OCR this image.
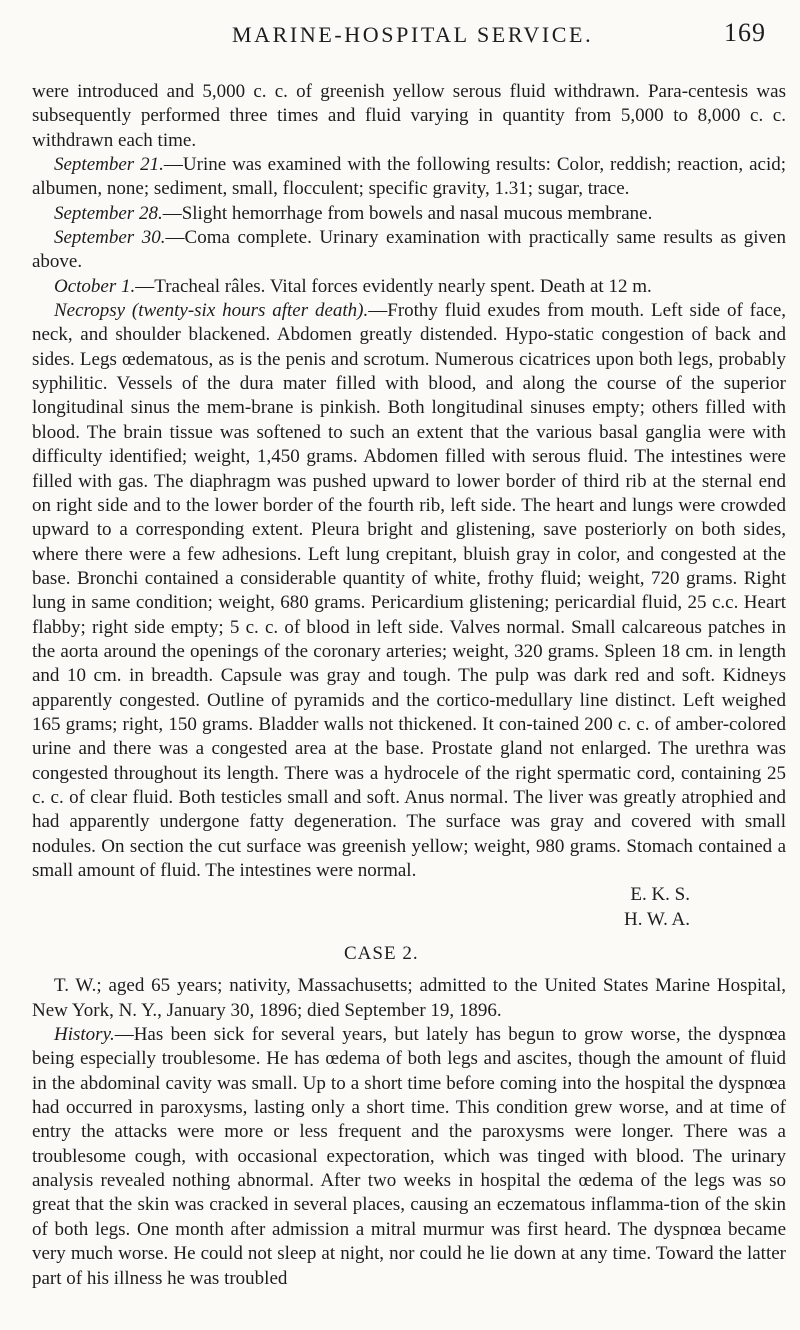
MARINE-HOSPITAL SERVICE.	169

were introduced and 5,000 c. c. of greenish yellow serous fluid withdrawn. Para-centesis was subsequently performed three times and fluid varying in quantity from 5,000 to 8,000 c. c. withdrawn each time.

September 21.—Urine was examined with the following results: Color, reddish; reaction, acid; albumen, none; sediment, small, flocculent; specific gravity, 1.31; sugar, trace.

September 28.—Slight hemorrhage from bowels and nasal mucous membrane.

September 30.—Coma complete. Urinary examination with practically same results as given above.

October 1.—Tracheal râles. Vital forces evidently nearly spent. Death at 12 m.

Necropsy (twenty-six hours after death).—Frothy fluid exudes from mouth. Left side of face, neck, and shoulder blackened. Abdomen greatly distended. Hypo-static congestion of back and sides. Legs œdematous, as is the penis and scrotum. Numerous cicatrices upon both legs, probably syphilitic. Vessels of the dura mater filled with blood, and along the course of the superior longitudinal sinus the mem-brane is pinkish. Both longitudinal sinuses empty; others filled with blood. The brain tissue was softened to such an extent that the various basal ganglia were with difficulty identified; weight, 1,450 grams. Abdomen filled with serous fluid. The intestines were filled with gas. The diaphragm was pushed upward to lower border of third rib at the sternal end on right side and to the lower border of the fourth rib, left side. The heart and lungs were crowded upward to a corresponding extent. Pleura bright and glistening, save posteriorly on both sides, where there were a few adhesions. Left lung crepitant, bluish gray in color, and congested at the base. Bronchi contained a considerable quantity of white, frothy fluid; weight, 720 grams. Right lung in same condition; weight, 680 grams. Pericardium glistening; pericardial fluid, 25 c.c. Heart flabby; right side empty; 5 c. c. of blood in left side. Valves normal. Small calcareous patches in the aorta around the openings of the coronary arteries; weight, 320 grams. Spleen 18 cm. in length and 10 cm. in breadth. Capsule was gray and tough. The pulp was dark red and soft. Kidneys apparently congested. Outline of pyramids and the cortico-medullary line distinct. Left weighed 165 grams; right, 150 grams. Bladder walls not thickened. It con-tained 200 c. c. of amber-colored urine and there was a congested area at the base. Prostate gland not enlarged. The urethra was congested throughout its length. There was a hydrocele of the right spermatic cord, containing 25 c. c. of clear fluid. Both testicles small and soft. Anus normal. The liver was greatly atrophied and had apparently undergone fatty degeneration. The surface was gray and covered with small nodules. On section the cut surface was greenish yellow; weight, 980 grams. Stomach contained a small amount of fluid. The intestines were normal.

E. K. S.
H. W. A.
CASE 2.

T. W.; aged 65 years; nativity, Massachusetts; admitted to the United States Marine Hospital, New York, N. Y., January 30, 1896; died September 19, 1896.

History.—Has been sick for several years, but lately has begun to grow worse, the dyspnœa being especially troublesome. He has œdema of both legs and ascites, though the amount of fluid in the abdominal cavity was small. Up to a short time before coming into the hospital the dyspnœa had occurred in paroxysms, lasting only a short time. This condition grew worse, and at time of entry the attacks were more or less frequent and the paroxysms were longer. There was a troublesome cough, with occasional expectoration, which was tinged with blood. The urinary analysis revealed nothing abnormal. After two weeks in hospital the œdema of the legs was so great that the skin was cracked in several places, causing an eczematous inflamma-tion of the skin of both legs. One month after admission a mitral murmur was first heard. The dyspnœa became very much worse. He could not sleep at night, nor could he lie down at any time. Toward the latter part of his illness he was troubled
